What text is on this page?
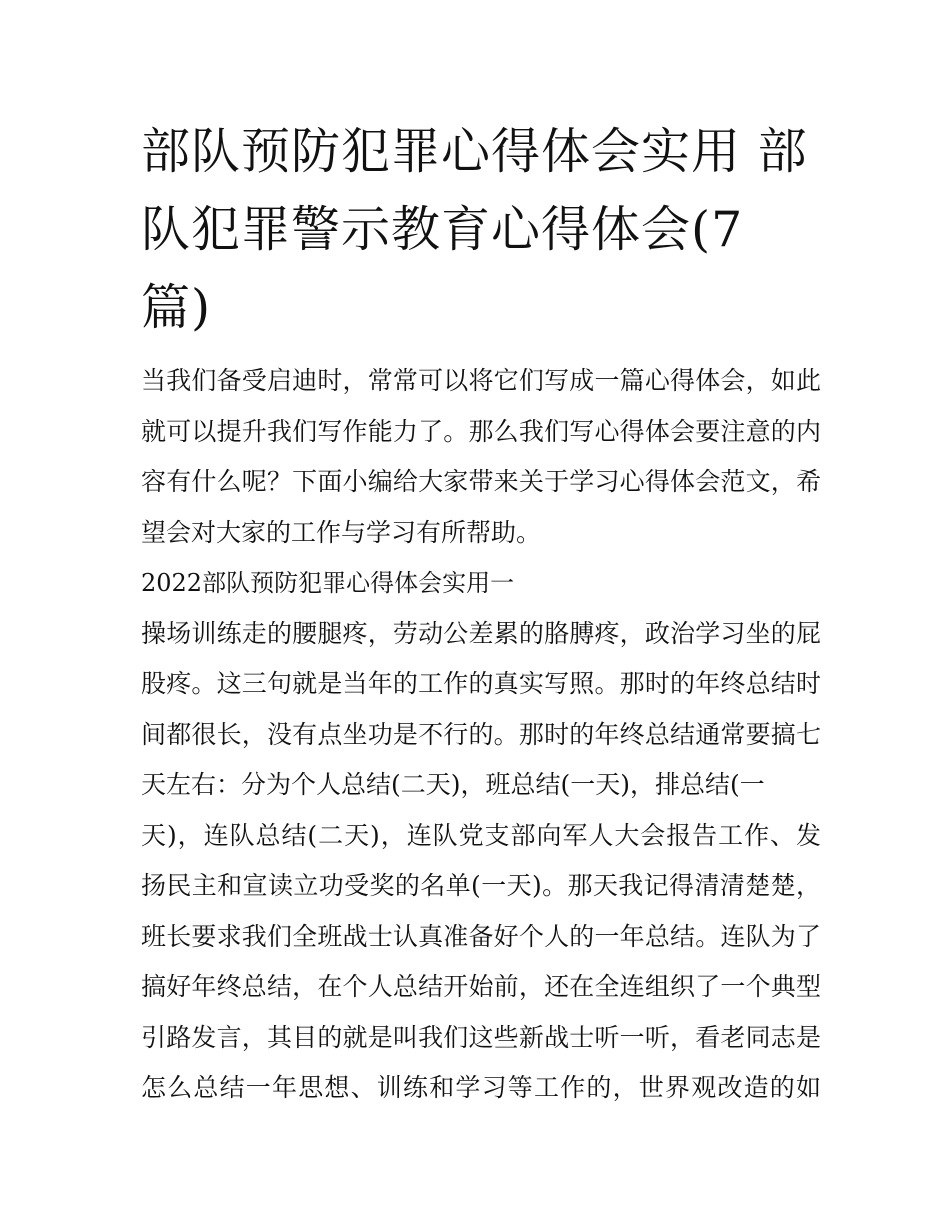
部队预防犯罪心得体会实用 部
队犯罪警示教育心得体会(7
篇)
当我们备受启迪时，常常可以将它们写成一篇心得体会，如此
就可以提升我们写作能力了。那么我们写心得体会要注意的内
容有什么呢？下面小编给大家带来关于学习心得体会范文，希
望会对大家的工作与学习有所帮助。
2022部队预防犯罪心得体会实用一
操场训练走的腰腿疼，劳动公差累的胳膊疼，政治学习坐的屁
股疼。这三句就是当年的工作的真实写照。那时的年终总结时
间都很长，没有点坐功是不行的。那时的年终总结通常要搞七
天左右：分为个人总结(二天)，班总结(一天)，排总结(一
天)，连队总结(二天)，连队党支部向军人大会报告工作、发
扬民主和宣读立功受奖的名单(一天)。那天我记得清清楚楚，
班长要求我们全班战士认真准备好个人的一年总结。连队为了
搞好年终总结，在个人总结开始前，还在全连组织了一个典型
引路发言，其目的就是叫我们这些新战士听一听，看老同志是
怎么总结一年思想、训练和学习等工作的，世界观改造的如
